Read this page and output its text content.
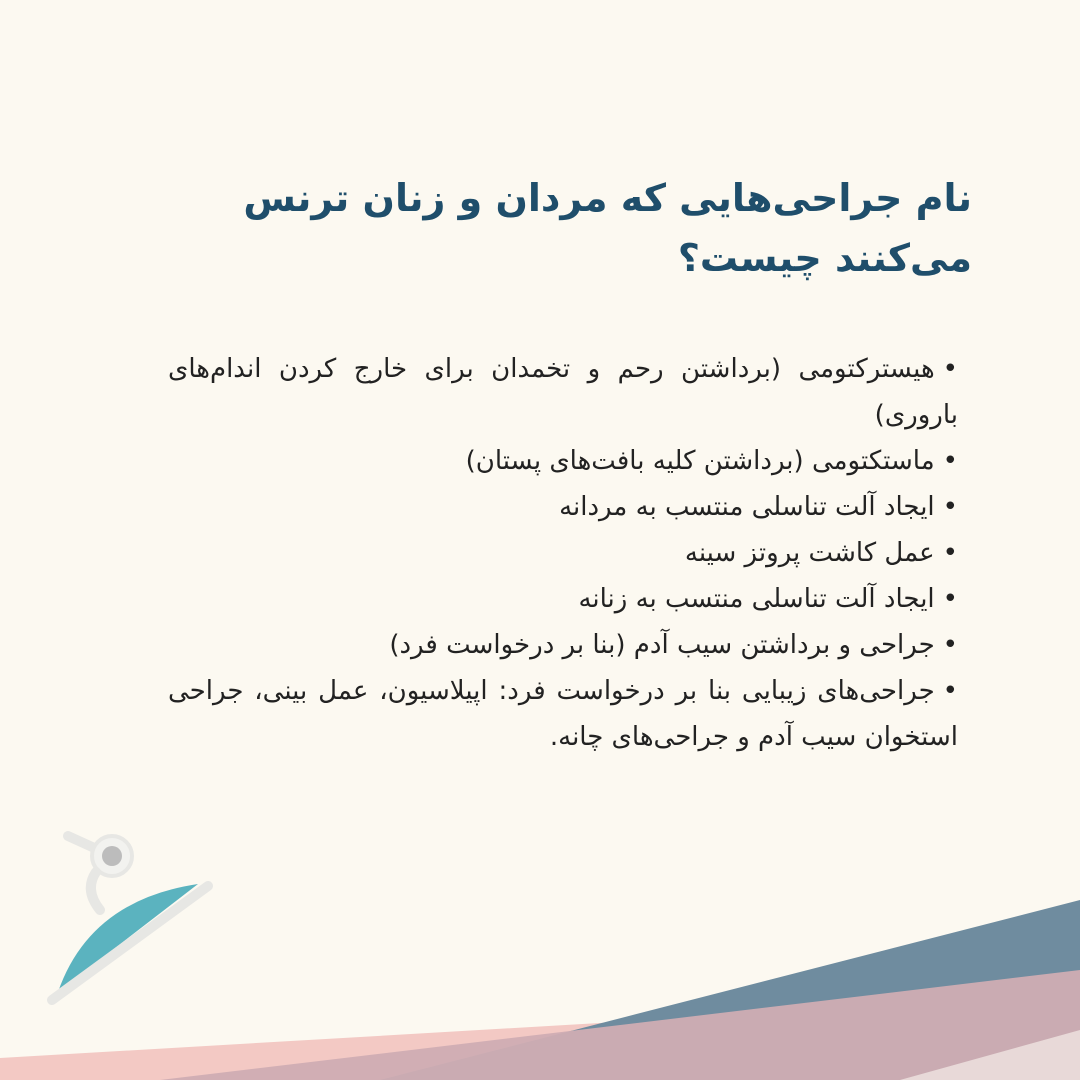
نام جراحی‌هایی که مردان و زنان ترنس می‌کنند چیست؟
•هیسترکتومی (برداشتن رحم و تخمدان برای خارج کردن اندام‌های باروری)
•ماستکتومی (برداشتن کلیه بافت‌های پستان)
•ایجاد آلت تناسلی منتسب به مردانه
•عمل کاشت پروتز سینه
•ایجاد آلت تناسلی منتسب به زنانه
•جراحی و برداشتن سیب آدم (بنا بر درخواست فرد)
•جراحی‌های زیبایی بنا بر درخواست فرد: اپیلاسیون، عمل بینی، جراحی استخوان سیب آدم و جراحی‌های چانه.
